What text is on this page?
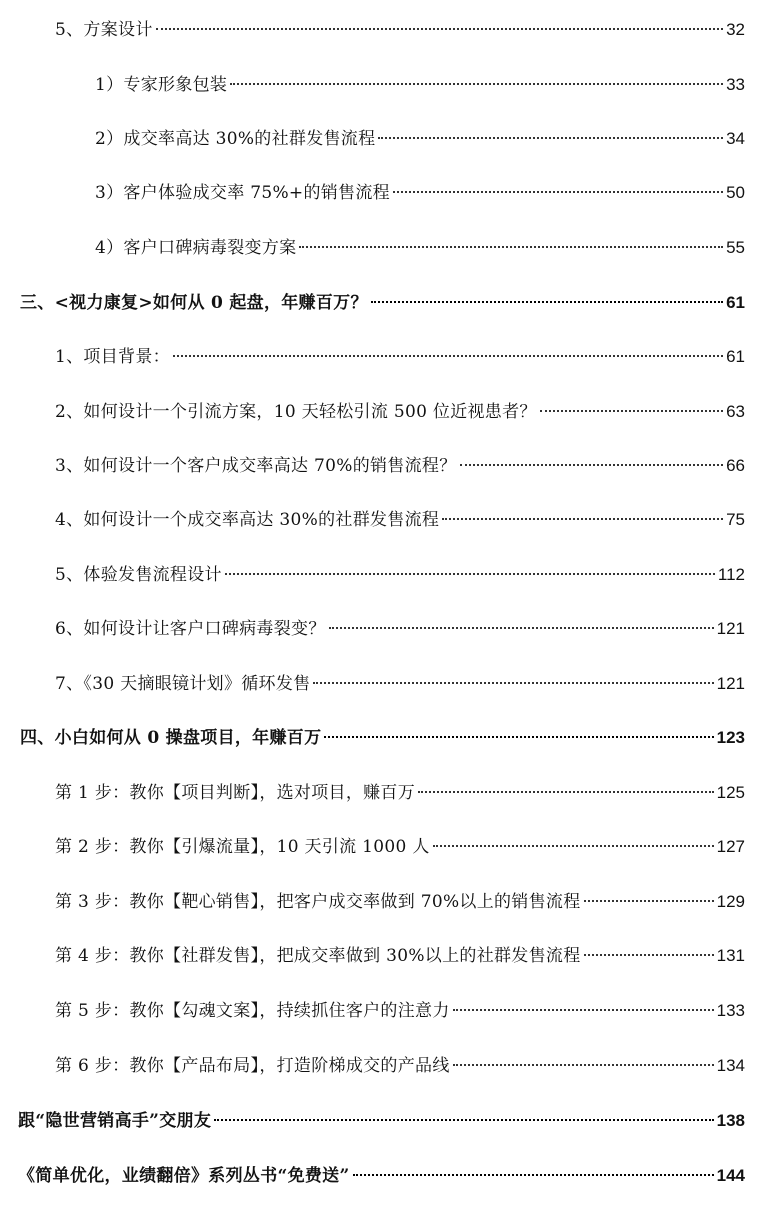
5、方案设计	32
1）专家形象包装	33
2）成交率高达 30%的社群发售流程	34
3）客户体验成交率 75%+的销售流程	50
4）客户口碑病毒裂变方案	55
三、<视力康复>如何从 0 起盘，年赚百万？	61
1、项目背景：	61
2、如何设计一个引流方案，10 天轻松引流 500 位近视患者？	63
3、如何设计一个客户成交率高达 70%的销售流程？	66
4、如何设计一个成交率高达 30%的社群发售流程	75
5、体验发售流程设计	112
6、如何设计让客户口碑病毒裂变？	121
7、《30 天摘眼镜计划》循环发售	121
四、小白如何从 0 操盘项目，年赚百万	123
第 1 步：教你【项目判断】，选对项目，赚百万	125
第 2 步：教你【引爆流量】，10 天引流 1000 人	127
第 3 步：教你【靶心销售】，把客户成交率做到 70%以上的销售流程	129
第 4 步：教你【社群发售】，把成交率做到 30%以上的社群发售流程	131
第 5 步：教你【勾魂文案】，持续抓住客户的注意力	133
第 6 步：教你【产品布局】，打造阶梯成交的产品线	134
跟“隐世营销高手”交朋友	138
《简单优化，业绩翻倍》系列丛书“免费送”	144
